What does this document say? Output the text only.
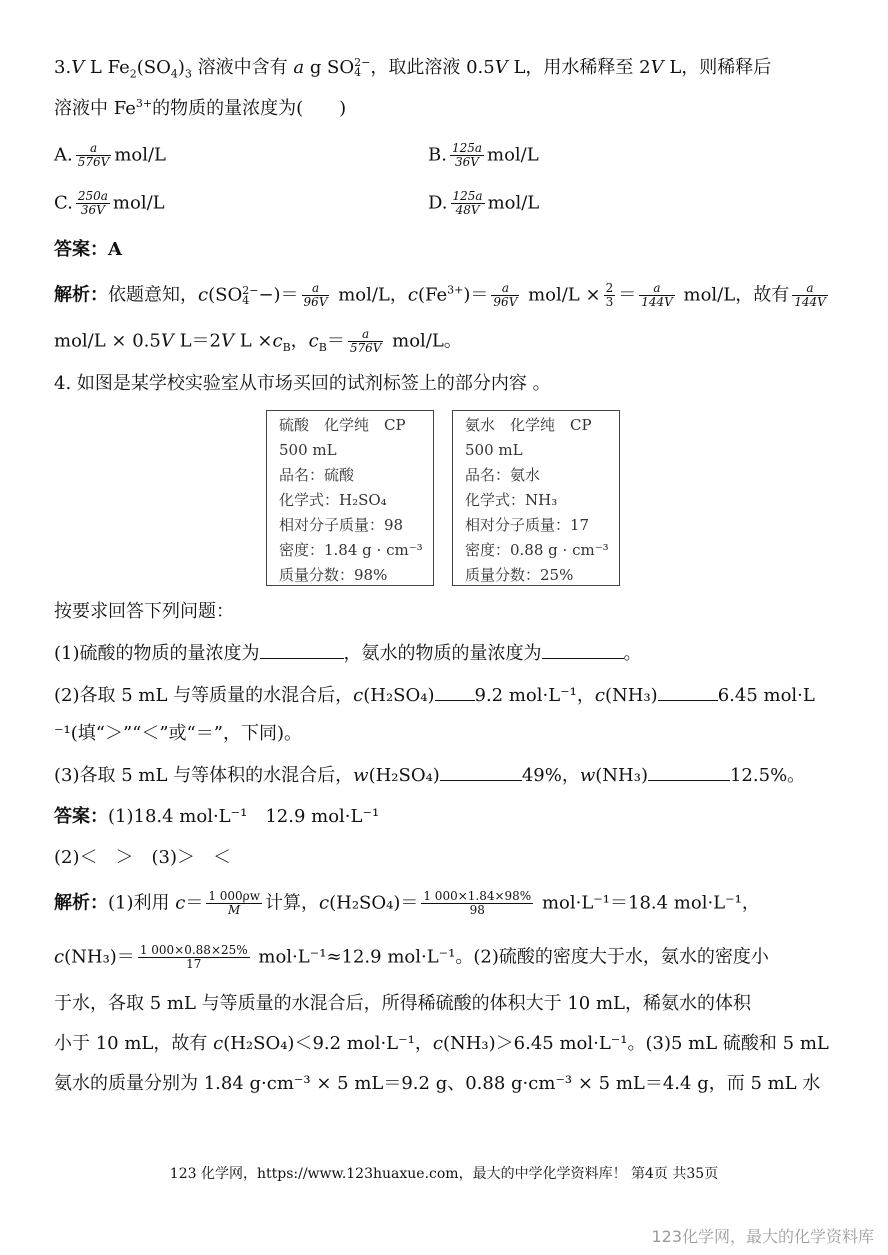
3.V L $Fe_2(SO_4)_3$ 溶液中含有 a g SO 2−
4 ，取此溶液 0.5V L，用水稀释至 2V L，则稀释后
溶液中 $Fe^{3+}$的物质的量浓度为(　　)
A. $\frac{a}{576V} mol/L$	B. $\frac{125a}{36V} mol/L$
C. $\frac{250a}{36V} mol/L$	D. $\frac{125a}{48V} mol/L$
答案：A
解析：依题意知，c(SO 2−
4 −)＝ $\frac{a}{96V} mol/L$，$c(Fe^{3+})= \frac{a}{96V} mol/L \times \frac{2}{3} = \frac{a}{144V} mol/L$，故有 $\frac{a}{144V}$
mol/L × 0.5V L＝2V $L \times c_B$，$c_B= \frac{a}{576V} mol/L$。
4. 如图是某学校实验室从市场买回的试剂标签上的部分内容 。
硫酸　化学纯　CP
500 mL
品名：硫酸
化学式：H₂SO₄
相对分子质量：98
密度：1.84 g · cm⁻³
质量分数：98%
氨水　化学纯　CP
500 mL
品名：氨水
化学式：NH₃
相对分子质量：17
密度：0.88 g · cm⁻³
质量分数：25%
按要求回答下列问题：
(1)硫酸的物质的量浓度为	，氨水的物质的量浓度为	。
(2)各取 5 mL 与等质量的水混合后，c(H₂SO₄) 9.2 mol·L⁻¹，c(NH₃)	6.45 mol·L
⁻¹(填“＞”“＜”或“＝”，下同)。
(3)各取 5 mL 与等体积的水混合后，w(H₂SO₄)	49%，w(NH₃)	12.5%。
答案：(1)18.4 mol·L⁻¹　12.9 mol·L⁻¹
(2)＜　＞　(3)＞　＜
解析：(1)利用 $c= \frac{1 000\rho w}{M}$ 计算，$c(H_2SO_4)= \frac{1 000\times 1.84\times 98\%}{98} mol\cdot L^{-1}=18.4$ mol·L⁻¹，
$c(NH_3)= \frac{1 000\times 0.88\times 25\%}{17} mol\cdot L^{-1}\approx 12.9$ mol·L⁻¹。(2)硫酸的密度大于水，氨水的密度小
于水，各取 5 mL 与等质量的水混合后，所得稀硫酸的体积大于 10 mL，稀氨水的体积
小于 10 mL，故有 c(H₂SO₄)＜9.2 mol·L⁻¹，c(NH₃)＞6.45 mol·L⁻¹。(3)5 mL 硫酸和 5 mL
氨水的质量分别为 1.84 g·cm⁻³ × 5 mL＝9.2 g、0.88 g·cm⁻³ × 5 mL＝4.4 g，而 5 mL 水
123 化学网，https://www.123huaxue.com，最大的中学化学资料库！ 第4页 共35页
123化学网，最大的化学资料库
